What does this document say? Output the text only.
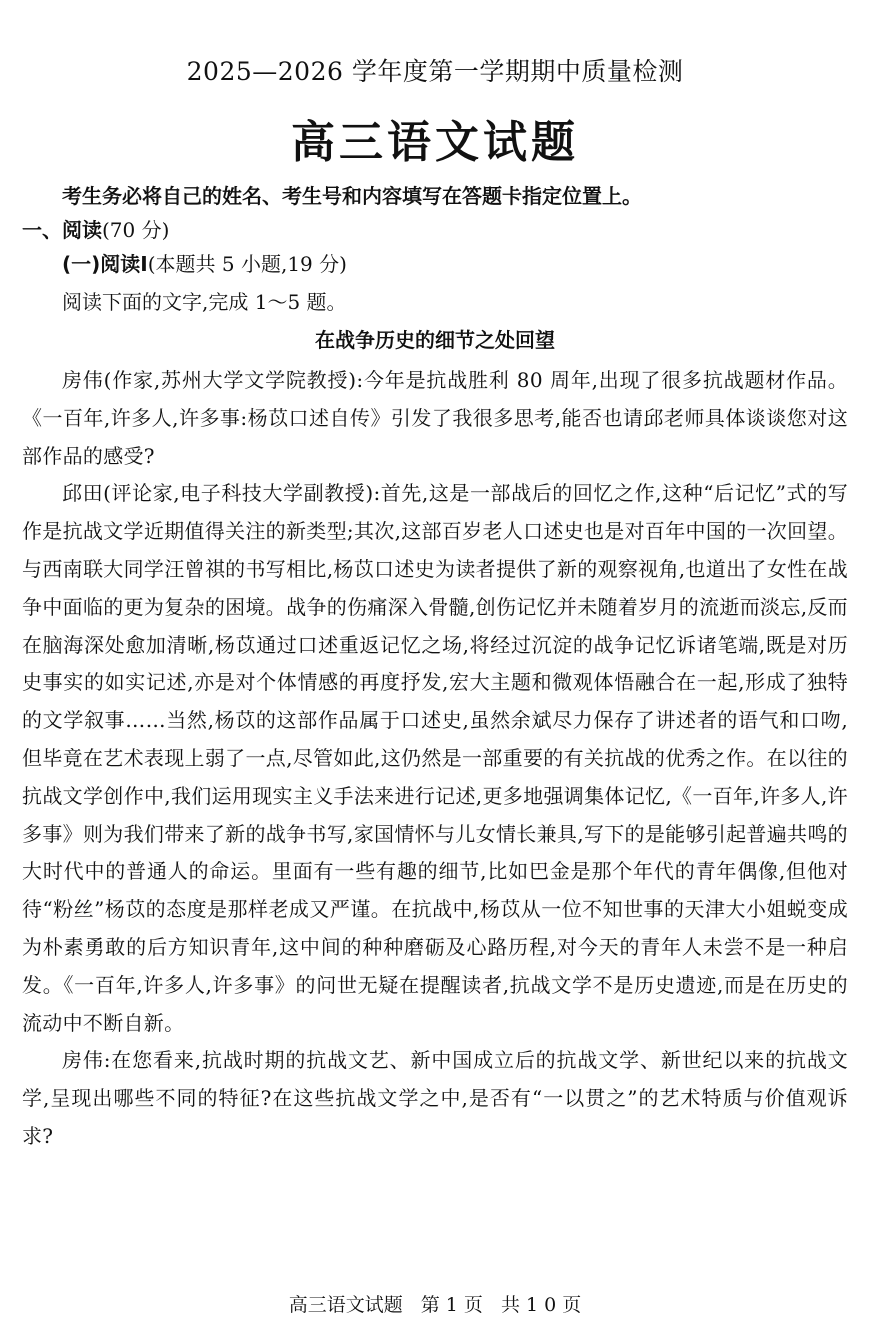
2025—2026 学年度第一学期期中质量检测
高三语文试题
考生务必将自己的姓名、考生号和内容填写在答题卡指定位置上。
一、阅读(70 分)
(一)阅读Ⅰ(本题共 5 小题,19 分)
阅读下面的文字,完成 1～5 题。
在战争历史的细节之处回望

房伟(作家,苏州大学文学院教授):今年是抗战胜利 80 周年,出现了很多抗战题材作品。《一百年,许多人,许多事:杨苡口述自传》引发了我很多思考,能否也请邱老师具体谈谈您对这部作品的感受?

邱田(评论家,电子科技大学副教授):首先,这是一部战后的回忆之作,这种“后记忆”式的写作是抗战文学近期值得关注的新类型;其次,这部百岁老人口述史也是对百年中国的一次回望。与西南联大同学汪曾祺的书写相比,杨苡口述史为读者提供了新的观察视角,也道出了女性在战争中面临的更为复杂的困境。战争的伤痛深入骨髓,创伤记忆并未随着岁月的流逝而淡忘,反而在脑海深处愈加清晰,杨苡通过口述重返记忆之场,将经过沉淀的战争记忆诉诸笔端,既是对历史事实的如实记述,亦是对个体情感的再度抒发,宏大主题和微观体悟融合在一起,形成了独特的文学叙事……当然,杨苡的这部作品属于口述史,虽然余斌尽力保存了讲述者的语气和口吻,但毕竟在艺术表现上弱了一点,尽管如此,这仍然是一部重要的有关抗战的优秀之作。在以往的抗战文学创作中,我们运用现实主义手法来进行记述,更多地强调集体记忆,《一百年,许多人,许多事》则为我们带来了新的战争书写,家国情怀与儿女情长兼具,写下的是能够引起普遍共鸣的大时代中的普通人的命运。里面有一些有趣的细节,比如巴金是那个年代的青年偶像,但他对待“粉丝”杨苡的态度是那样老成又严谨。在抗战中,杨苡从一位不知世事的天津大小姐蜕变成为朴素勇敢的后方知识青年,这中间的种种磨砺及心路历程,对今天的青年人未尝不是一种启发。《一百年,许多人,许多事》的问世无疑在提醒读者,抗战文学不是历史遗迹,而是在历史的流动中不断自新。

房伟:在您看来,抗战时期的抗战文艺、新中国成立后的抗战文学、新世纪以来的抗战文学,呈现出哪些不同的特征?在这些抗战文学之中,是否有“一以贯之”的艺术特质与价值观诉求?

高三语文试题 第 1 页 共 1 0 页
